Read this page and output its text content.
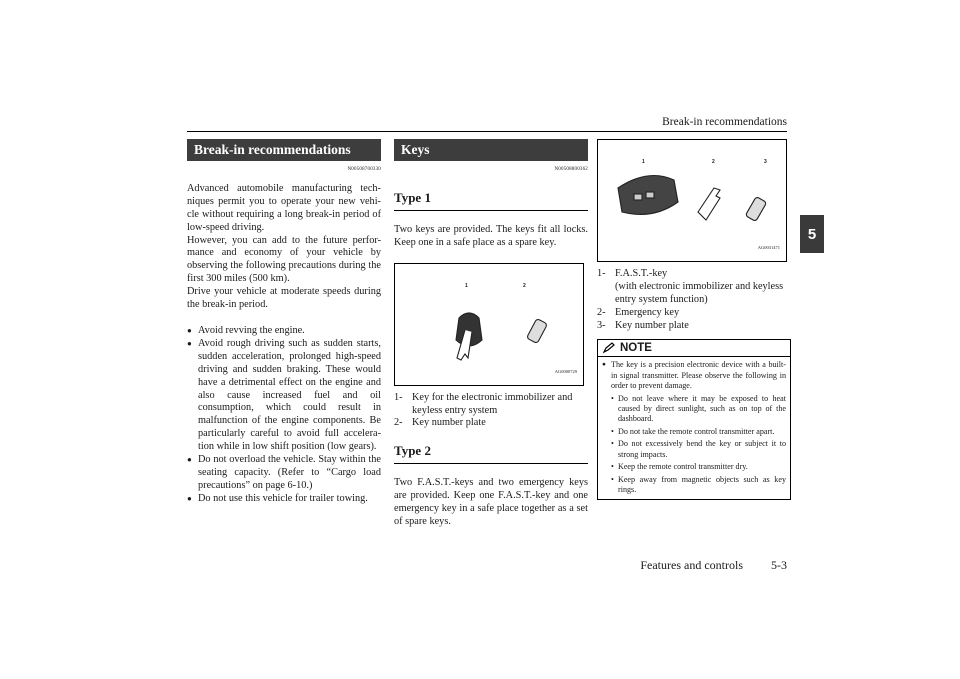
Break-in recommendations
5
Break-in recommendations
N00508700330

Advanced automobile manufacturing tech-niques permit you to operate your new vehi-cle without requiring a long break-in period of low-speed driving.

However, you can add to the future perfor-mance and economy of your vehicle by observing the following precautions during the first 300 miles (500 km).

Drive your vehicle at moderate speeds during the break-in period.

● Avoid revving the engine.
● Avoid rough driving such as sudden starts, sudden acceleration, prolonged high-speed driving and sudden braking. These would have a detrimental effect on the engine and also cause increased fuel and oil consumption, which could result in malfunction of the engine components. Be particularly careful to avoid full accelera-tion while in low shift position (low gears).
● Do not overload the vehicle. Stay within the seating capacity. (Refer to “Cargo load precautions” on page 6-10.)
● Do not use this vehicle for trailer towing.
Keys
N00508800362
Type 1

Two keys are provided. The keys fit all locks. Keep one in a safe place as a spare key.

1	2
AG0000729
1- Key for the electronic immobilizer and keyless entry system
2- Key number plate
Type 2

Two F.A.S.T.-keys and two emergency keys are provided. Keep one F.A.S.T.-key and one emergency key in a safe place together as a set of spare keys.

1	2	3
AG0031471
1- F.A.S.T.-key
(with electronic immobilizer and keyless entry system function)
2- Emergency key
3- Key number plate
NOTE
● The key is a precision electronic device with a built-in signal transmitter. Please observe the following in order to prevent damage.
• Do not leave where it may be exposed to heat caused by direct sunlight, such as on top of the dashboard.
• Do not take the remote control transmitter apart.
• Do not excessively bend the key or subject it to strong impacts.
• Keep the remote control transmitter dry.
• Keep away from magnetic objects such as key rings.
Features and controls 5-3
